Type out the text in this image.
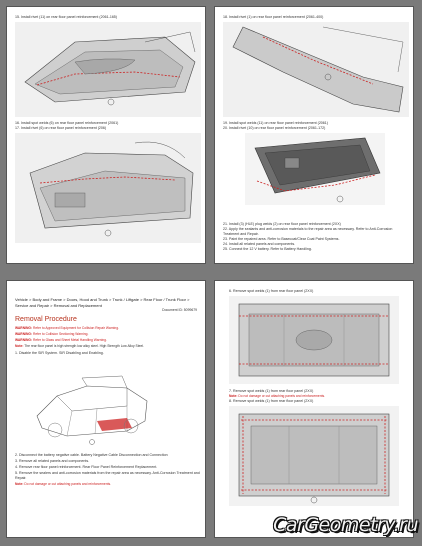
15. Install rivet (11) on rear floor panel reinforcement (2061-165)
16. Install spot welds (6) on rear floor panel reinforcement (2061)
17. Install rivet (6) on rear floor panel reinforcement (206)
18. Install rivet (1) on rear floor panel reinforcement (2061-400)
19. Install spot welds (11) on rear floor panel reinforcement (2061)
20. Install rivet (10) on rear floor panel reinforcement (2061-172)
21. Install (3) (HLE) plug welds (2) on rear floor panel reinforcement (2XX)
22. Apply the sealants and anti-corrosion materials to the repair area as necessary. Refer to Anti-Corrosion Treatment and Repair.
23. Paint the repaired area. Refer to Basecoat/Clear Coat Paint Systems.
24. Install all related panels and components.
25. Connect the 12 V battery. Refer to Battery Handling.
Vehicle > Body and Frame > Doors, Hood and Trunk > Trunk / Liftgate > Rear Floor / Trunk Floor > Service and Repair > Removal and Replacement
Document ID: 5099679
Removal Procedure
WARNING: Refer to Approved Equipment for Collision Repair Warning.
WARNING: Refer to Collision Sectioning Warning.
WARNING: Refer to Glass and Sheet Metal Handling Warning.
Note: The rear floor panel is high strength low alloy steel. High Strength Low Alloy Steel.
1. Disable the SIR System. SIR Disabling and Enabling.
2. Disconnect the battery negative cable. Battery Negative Cable Disconnection and Connection
3. Remove all related panels and components.
4. Remove rear floor panel reinforcement. Rear Floor Panel Reinforcement Replacement.
5. Remove the sealers and anti-corrosion materials from the repair area as necessary. Anti-Corrosion Treatment and Repair.
Note: Do not damage or cut attaching panels and reinforcements.
6. Remove spot welds (1) from rear floor panel (2XX)
7. Remove spot welds (1) from rear floor panel (2XX)
Note: Do not damage or cut attaching panels and reinforcements.
8. Remove spot welds (1) from rear floor panel (2XX)
CarGeometry.ru
